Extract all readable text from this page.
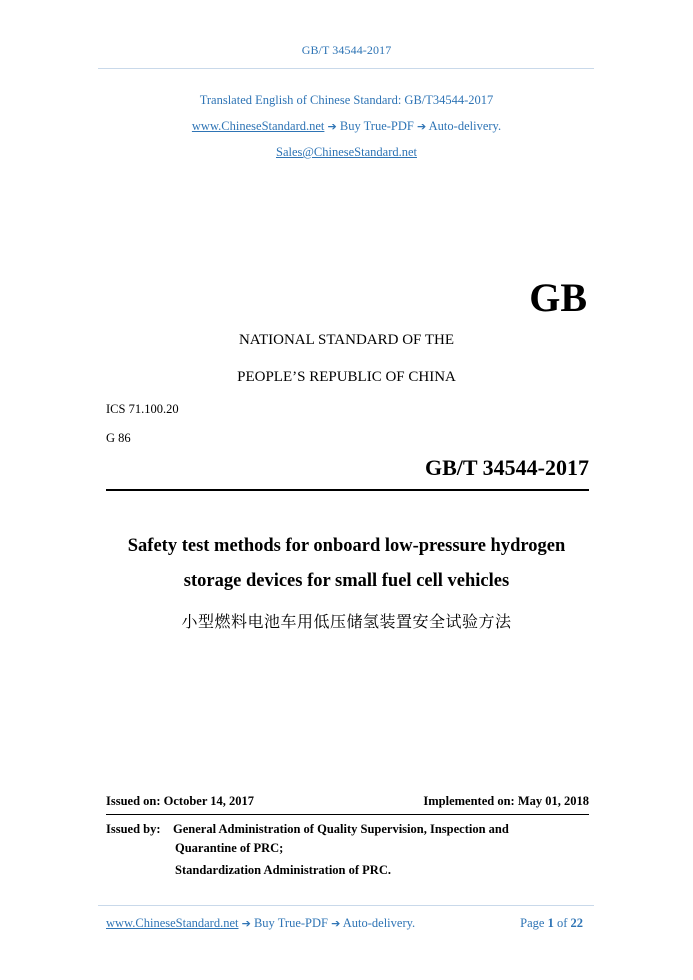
GB/T 34544-2017
Translated English of Chinese Standard: GB/T34544-2017
www.ChineseStandard.net ➔ Buy True-PDF ➔ Auto-delivery.
Sales@ChineseStandard.net
GB
NATIONAL STANDARD OF THE
PEOPLE’S REPUBLIC OF CHINA
ICS 71.100.20
G 86
GB/T 34544-2017
Safety test methods for onboard low-pressure hydrogen
storage devices for small fuel cell vehicles
小型燃料电池车用低压储氢装置安全试验方法
Issued on: October 14, 2017	Implemented on: May 01, 2018
Issued by: General Administration of Quality Supervision, Inspection and
Quarantine of PRC;
Standardization Administration of PRC.
www.ChineseStandard.net ➔ Buy True-PDF ➔ Auto-delivery.	Page 1 of 22
